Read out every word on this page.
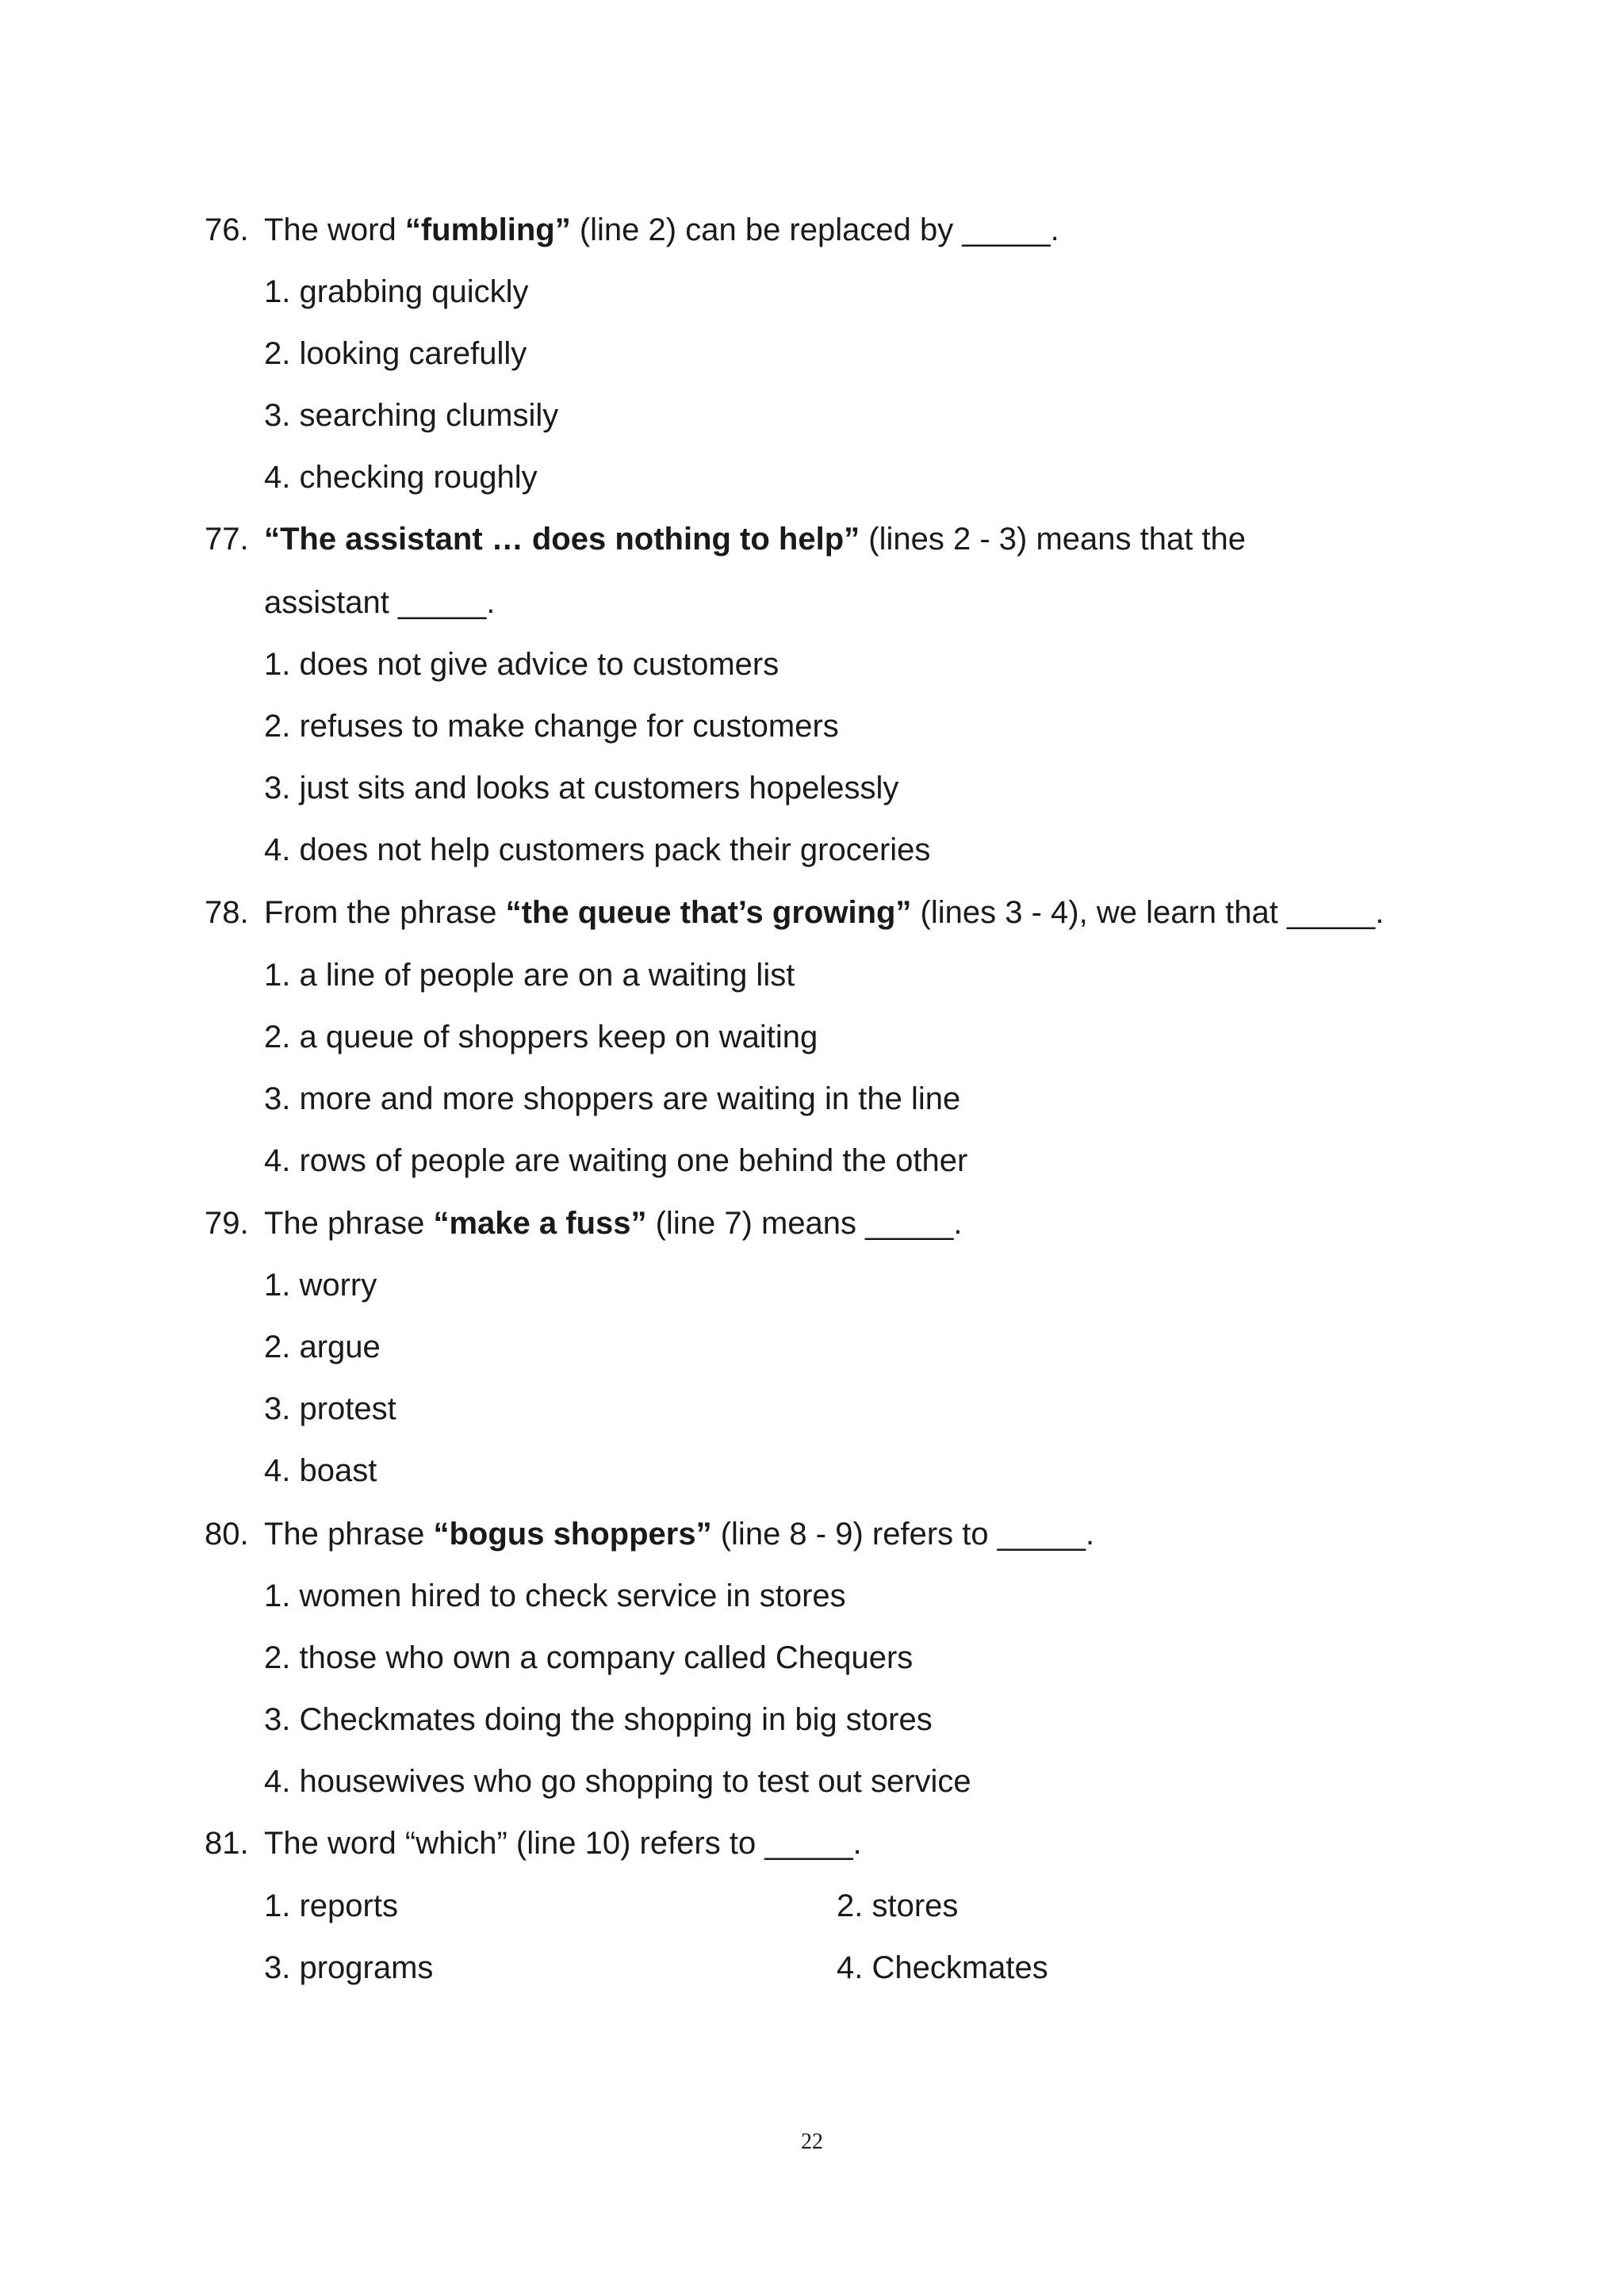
76. The word “fumbling” (line 2) can be replaced by _____.
1. grabbing quickly
2. looking carefully
3. searching clumsily
4. checking roughly
77. “The assistant … does nothing to help” (lines 2 - 3) means that the
assistant _____.
1. does not give advice to customers
2. refuses to make change for customers
3. just sits and looks at customers hopelessly
4. does not help customers pack their groceries
78. From the phrase “the queue that’s growing” (lines 3 - 4), we learn that _____.
1. a line of people are on a waiting list
2. a queue of shoppers keep on waiting
3. more and more shoppers are waiting in the line
4. rows of people are waiting one behind the other
79. The phrase “make a fuss” (line 7) means _____.
1. worry
2. argue
3. protest
4. boast
80. The phrase “bogus shoppers” (line 8 - 9) refers to _____.
1. women hired to check service in stores
2. those who own a company called Chequers
3. Checkmates doing the shopping in big stores
4. housewives who go shopping to test out service
81. The word “which” (line 10) refers to _____.
1. reports	2. stores
3. programs	4. Checkmates
22
